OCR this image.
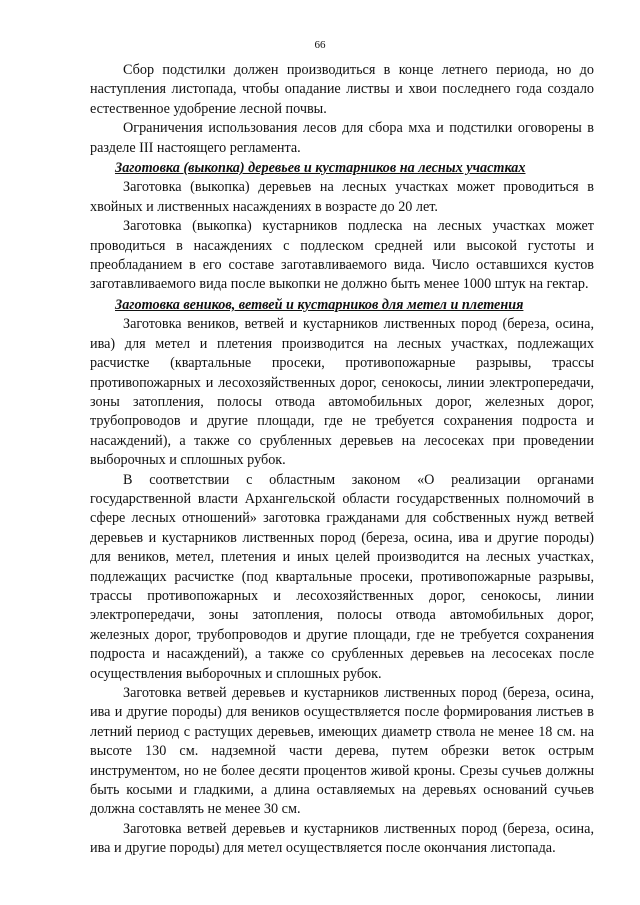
66

Сбор подстилки должен производиться в конце летнего периода, но до наступления листопада, чтобы опадание листвы и хвои последнего года создало естественное удобрение лесной почвы.

Ограничения использования лесов для сбора мха и подстилки оговорены в разделе III настоящего регламента.

Заготовка (выкопка) деревьев и кустарников на лесных участках

Заготовка (выкопка) деревьев на лесных участках может проводиться в хвойных и лиственных насаждениях в возрасте до 20 лет.

Заготовка (выкопка) кустарников подлеска на лесных участках может проводиться в насаждениях с подлеском средней или высокой густоты и преобладанием в его составе заготавливаемого вида. Число оставшихся кустов заготавливаемого вида после выкопки не должно быть менее 1000 штук на гектар.

Заготовка веников, ветвей и кустарников для метел и плетения

Заготовка веников, ветвей и кустарников лиственных пород (береза, осина, ива) для метел и плетения производится на лесных участках, подлежащих расчистке (квартальные просеки, противопожарные разрывы, трассы противопожарных и лесохозяйственных дорог, сенокосы, линии электропередачи, зоны затопления, полосы отвода автомобильных дорог, железных дорог, трубопроводов и другие площади, где не требуется сохранения подроста и насаждений), а также со срубленных деревьев на лесосеках при проведении выборочных и сплошных рубок.

В соответствии с областным законом «О реализации органами государственной власти Архангельской области государственных полномочий в сфере лесных отношений» заготовка гражданами для собственных нужд ветвей деревьев и кустарников лиственных пород (береза, осина, ива и другие породы) для веников, метел, плетения и иных целей производится на лесных участках, подлежащих расчистке (под квартальные просеки, противопожарные разрывы, трассы противопожарных и лесохозяйственных дорог, сенокосы, линии электропередачи, зоны затопления, полосы отвода автомобильных дорог, железных дорог, трубопроводов и другие площади, где не требуется сохранения подроста и насаждений), а также со срубленных деревьев на лесосеках после осуществления выборочных и сплошных рубок.

Заготовка ветвей деревьев и кустарников лиственных пород (береза, осина, ива и другие породы) для веников осуществляется после формирования листьев в летний период с растущих деревьев, имеющих диаметр ствола не менее 18 см. на высоте 130 см. надземной части дерева, путем обрезки веток острым инструментом, но не более десяти процентов живой кроны. Срезы сучьев должны быть косыми и гладкими, а длина оставляемых на деревьях оснований сучьев должна составлять не менее 30 см.

Заготовка ветвей деревьев и кустарников лиственных пород (береза, осина, ива и другие породы) для метел осуществляется после окончания листопада.
